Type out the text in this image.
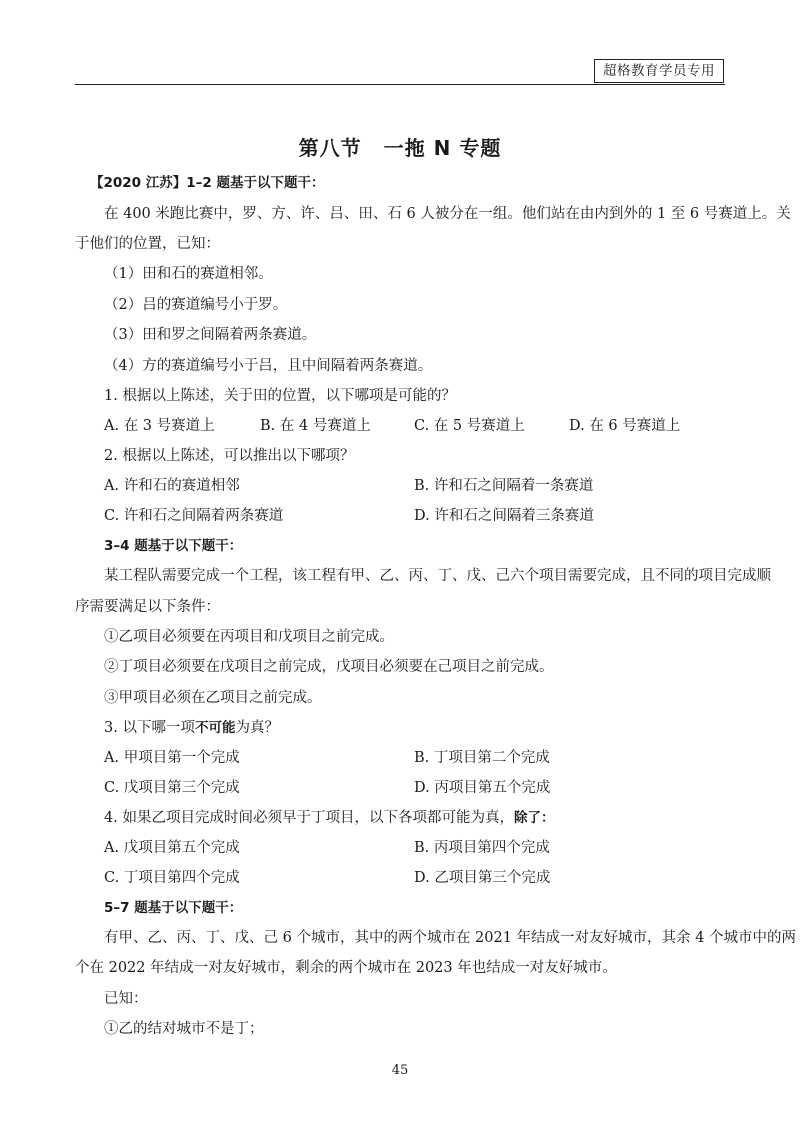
超格教育学员专用
第八节 一拖 N 专题
【2020 江苏】1–2 题基于以下题干：
在 400 米跑比赛中，罗、方、许、吕、田、石 6 人被分在一组。他们站在由内到外的 1 至 6 号赛道上。关
于他们的位置，已知：
（1）田和石的赛道相邻。
（2）吕的赛道编号小于罗。
（3）田和罗之间隔着两条赛道。
（4）方的赛道编号小于吕，且中间隔着两条赛道。
1. 根据以上陈述，关于田的位置，以下哪项是可能的？
A. 在 3 号赛道上	B. 在 4 号赛道上	C. 在 5 号赛道上	D. 在 6 号赛道上
2. 根据以上陈述，可以推出以下哪项？
A. 许和石的赛道相邻	B. 许和石之间隔着一条赛道
C. 许和石之间隔着两条赛道	D. 许和石之间隔着三条赛道
3–4 题基于以下题干：
某工程队需要完成一个工程，该工程有甲、乙、丙、丁、戊、己六个项目需要完成，且不同的项目完成顺
序需要满足以下条件：
①乙项目必须要在丙项目和戊项目之前完成。
②丁项目必须要在戊项目之前完成，戊项目必须要在己项目之前完成。
③甲项目必须在乙项目之前完成。
3. 以下哪一项不可能为真？
A. 甲项目第一个完成	B. 丁项目第二个完成
C. 戊项目第三个完成	D. 丙项目第五个完成
4. 如果乙项目完成时间必须早于丁项目，以下各项都可能为真，除了：
A. 戊项目第五个完成	B. 丙项目第四个完成
C. 丁项目第四个完成	D. 乙项目第三个完成
5–7 题基于以下题干：
有甲、乙、丙、丁、戊、己 6 个城市，其中的两个城市在 2021 年结成一对友好城市，其余 4 个城市中的两
个在 2022 年结成一对友好城市，剩余的两个城市在 2023 年也结成一对友好城市。
已知：
①乙的结对城市不是丁；
45
